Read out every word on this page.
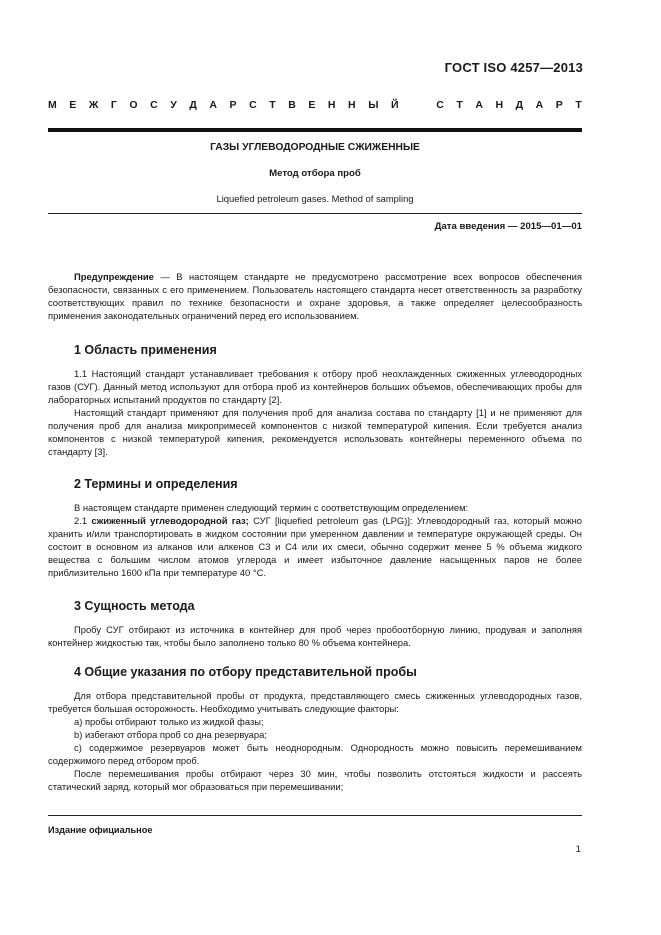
ГОСТ ISO 4257—2013
М Е Ж Г О С У Д А Р С Т В Е Н Н Ы Й	С Т А Н Д А Р Т
ГАЗЫ УГЛЕВОДОРОДНЫЕ СЖИЖЕННЫЕ
Метод отбора проб
Liquefied petroleum gases. Method of sampling
Дата введения — 2015—01—01

Предупреждение — В настоящем стандарте не предусмотрено рассмотрение всех вопросов обеспечения безопасности, связанных с его применением. Пользователь настоящего стандарта несет ответственность за разработку соответствующих правил по технике безопасности и охране здоровья, а также определяет целесообразность применения законодательных ограничений перед его использованием.

1 Область применения

1.1 Настоящий стандарт устанавливает требования к отбору проб неохлажденных сжиженных углеводородных газов (СУГ). Данный метод используют для отбора проб из контейнеров больших объемов, обеспечивающих пробы для лабораторных испытаний продуктов по стандарту [2].

Настоящий стандарт применяют для получения проб для анализа состава по стандарту [1] и не применяют для получения проб для анализа микропримесей компонентов с низкой температурой кипения. Если требуется анализ компонентов с низкой температурой кипения, рекомендуется использовать контейнеры переменного объема по стандарту [3].

2 Термины и определения

В настоящем стандарте применен следующий термин с соответствующим определением:

2.1 сжиженный углеводородной газ; СУГ [liquefied petroleum gas (LPG)]: Углеводородный газ, который можно хранить и/или транспортировать в жидком состоянии при умеренном давлении и температуре окружающей среды. Он состоит в основном из алканов или алкенов С3 и С4 или их смеси, обычно содержит менее 5 % объема жидкого вещества с большим числом атомов углерода и имеет избыточное давление насыщенных паров не более приблизительно 1600 кПа при температуре 40 °С.

3 Сущность метода

Пробу СУГ отбирают из источника в контейнер для проб через пробоотборную линию, продувая и заполняя контейнер жидкостью так, чтобы было заполнено только 80 % объема контейнера.

4 Общие указания по отбору представительной пробы

Для отбора представительной пробы от продукта, представляющего смесь сжиженных углеводородных газов, требуется большая осторожность. Необходимо учитывать следующие факторы:

а) пробы отбирают только из жидкой фазы;

b) избегают отбора проб со дна резервуара;

с) содержимое резервуаров может быть неоднородным. Однородность можно повысить перемешиванием содержимого перед отбором проб.

После перемешивания пробы отбирают через 30 мин, чтобы позволить отстояться жидкости и рассеять статический заряд, который мог образоваться при перемешивании;

Издание официальное
1
